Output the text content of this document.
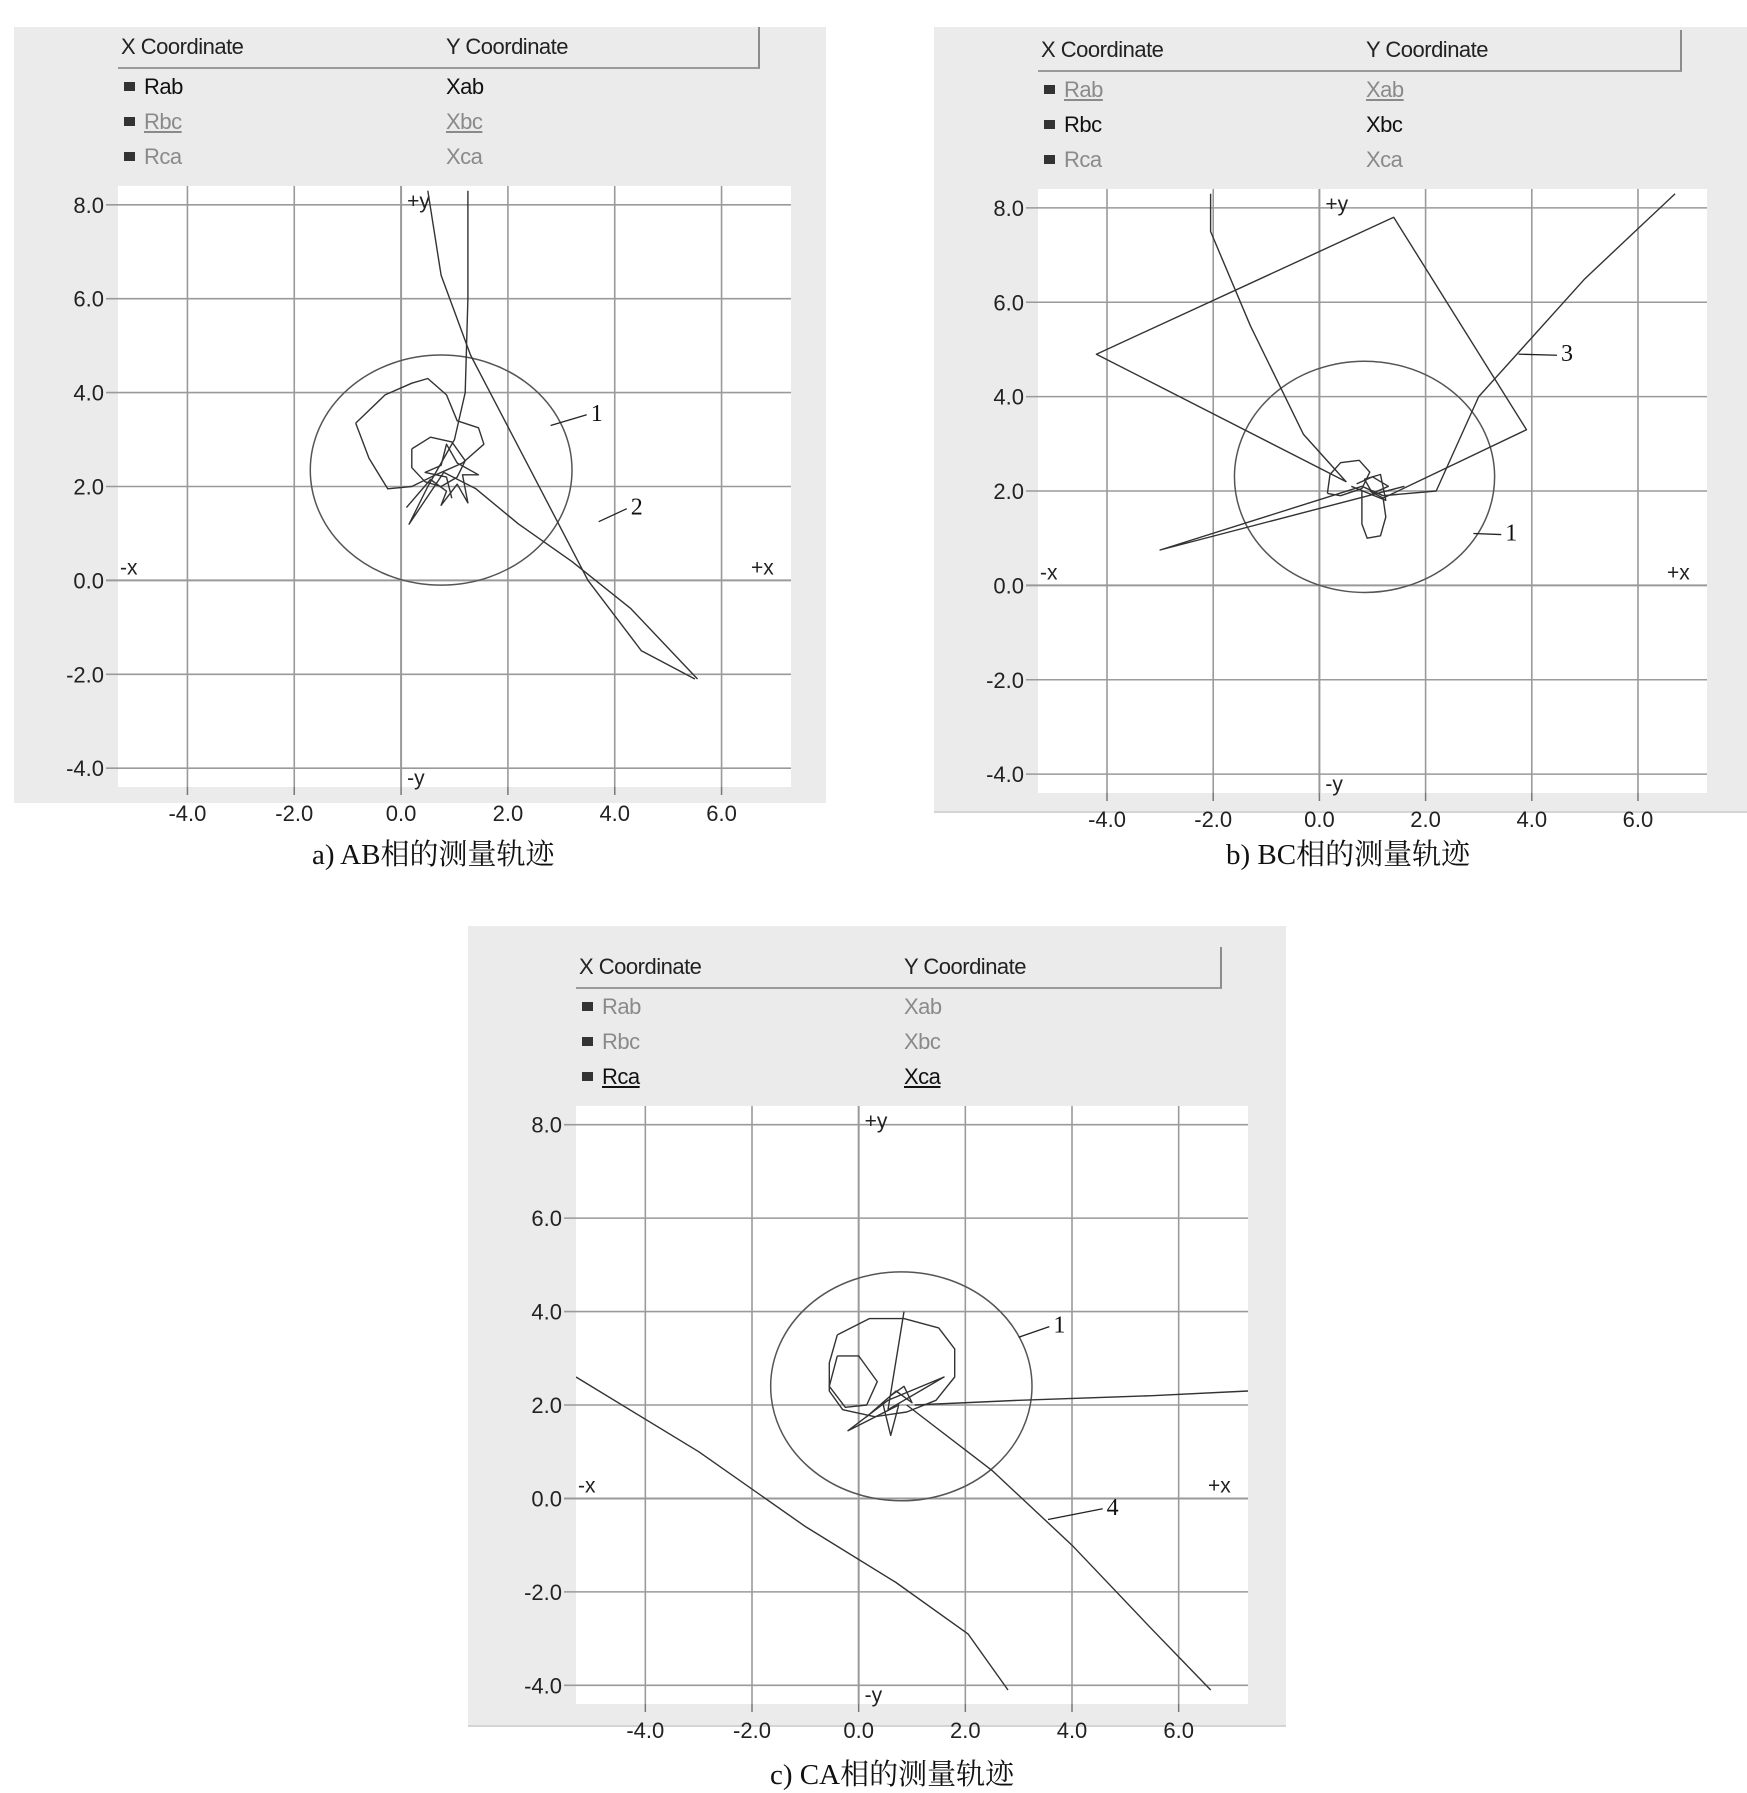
X Coordinate	Y Coordinate
Rab	Xab
Rbc	Xbc
Rca	Xca
-4.0	-2.0	0.0	2.0	4.0	6.0
8.0
6.0
4.0
2.0
0.0
-2.0
-4.0
+y
-y
-x	+x
1
2
a) AB相的测量轨迹
X Coordinate	Y Coordinate
Rab	Xab
Rbc	Xbc
Rca	Xca
-4.0	-2.0	0.0	2.0	4.0	6.0
8.0
6.0
4.0
2.0
0.0
-2.0
-4.0
+y
-y
-x	+x
1
3
b) BC相的测量轨迹
X Coordinate	Y Coordinate
Rab	Xab
Rbc	Xbc
Rca	Xca
-4.0	-2.0	0.0	2.0	4.0	6.0
8.0
6.0
4.0
2.0
0.0
-2.0
-4.0
+y
-y
-x	+x
1
4
c) CA相的测量轨迹
